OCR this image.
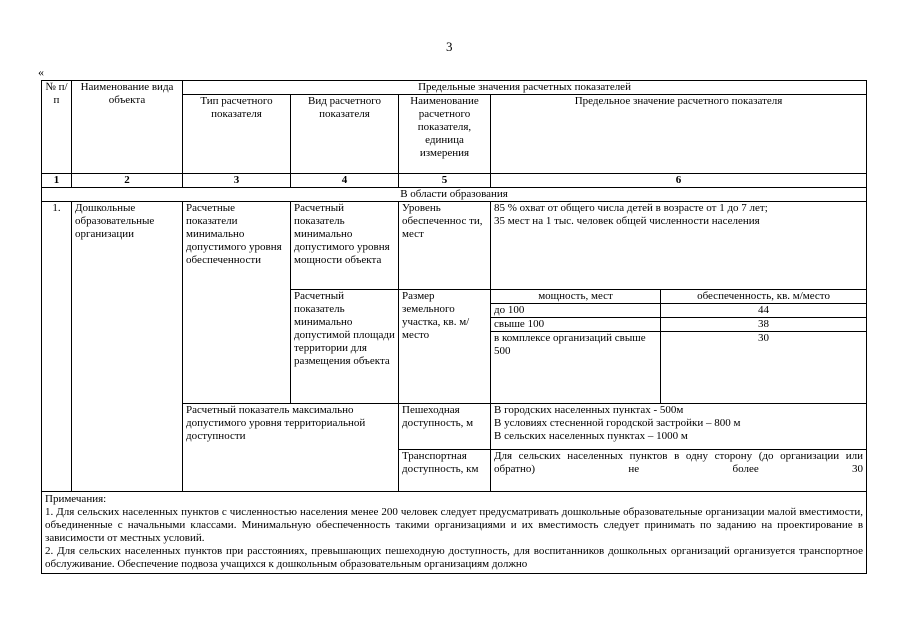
3
«
№ п/п	Наименование вида объекта	Предельные значения расчетных показателей				
		Тип расчетного показателя	Вид расчетного показателя	Наименование расчетного показателя, единица измерения	Предельное значение расчетного показателя	
1	2	3	4	5	6	
В области образования						
1.	Дошкольные образовательные организации	Расчетные показатели минимально допустимого уровня обеспеченности	Расчетный показатель минимально допустимого уровня мощности объекта	Уровень обеспеченнос ти, мест	85 % охват от общего числа детей в возрасте от 1 до 7 лет;
35 мест на 1 тыс. человек общей численности населения	

			Расчетный показатель минимально допустимой площади территории для размещения объекта	Размер земельного участка, кв. м/место	мощность, мест	обеспеченность, кв. м/место
					до 100	44
					свыше 100	38
					в комплексе организаций свыше 500	30
		Расчетный показатель максимально допустимого уровня территориальной доступности		Пешеходная доступность, м	В городских населенных пунктах - 500м
В условиях стесненной городской застройки – 800 м
В сельских населенных пунктах – 1000 м	

				Транспортная доступность, км	Для сельских населенных пунктов в одну сторону (до организации или обратно) не более 30	

Примечания:

1. Для сельских населенных пунктов с численностью населения менее 200 человек следует предусматривать дошкольные образовательные организации малой вместимости, объединенные с начальными классами. Минимальную обеспеченность такими организациями и их вместимость следует принимать по заданию на проектирование в зависимости от местных условий.

2. Для сельских населенных пунктов при расстояниях, превышающих пешеходную доступность, для воспитанников дошкольных организаций организуется транспортное обслуживание. Обеспечение подвоза учащихся к дошкольным образовательным организациям должно						
